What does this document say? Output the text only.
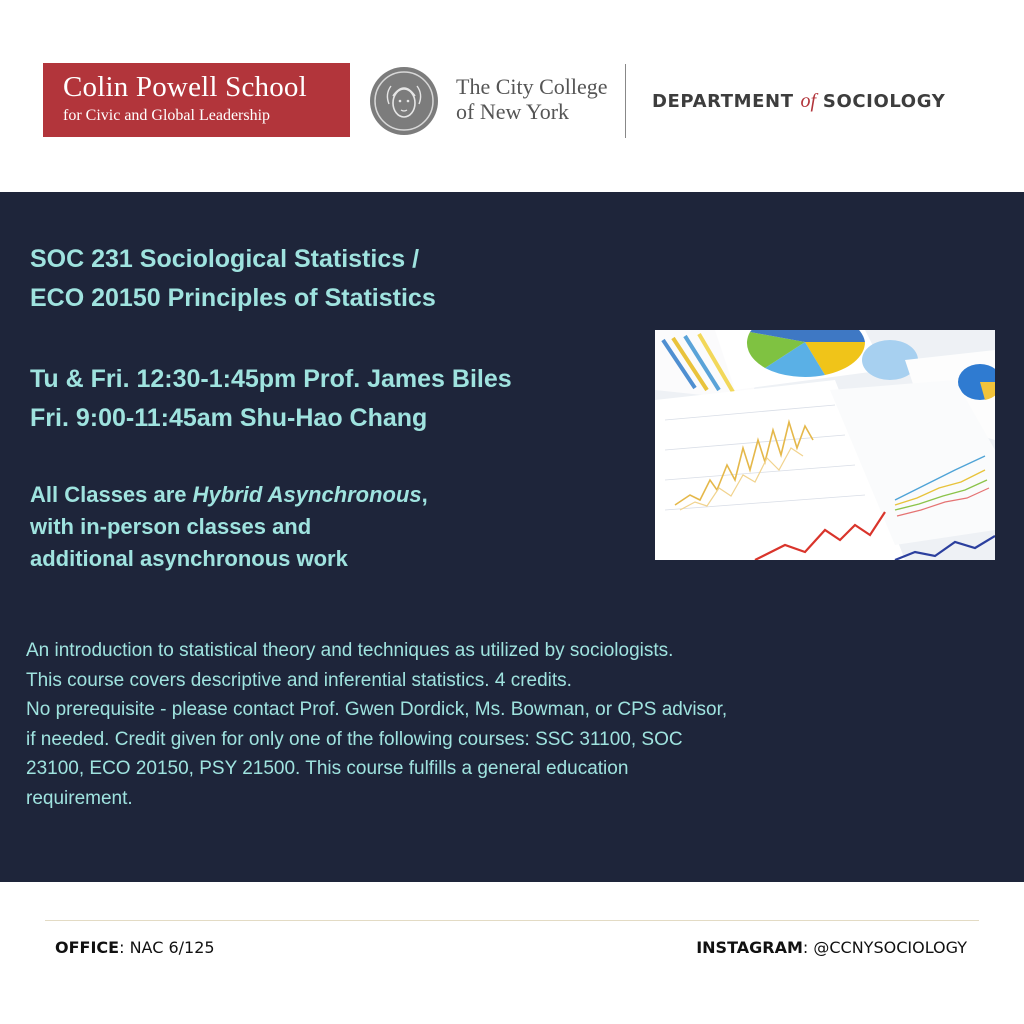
Colin Powell School
for Civic and Global Leadership
The City College
of New York	DEPARTMENT of SOCIOLOGY
SOC 231 Sociological Statistics /
ECO 20150 Principles of Statistics
Tu & Fri. 12:30-1:45pm Prof. James Biles
Fri. 9:00-11:45am Shu-Hao Chang
All Classes are Hybrid Asynchronous,
with in-person classes and
additional asynchronous work
An introduction to statistical theory and techniques as utilized by sociologists.
This course covers descriptive and inferential statistics. 4 credits.
No prerequisite - please contact Prof. Gwen Dordick, Ms. Bowman, or CPS advisor,
if needed. Credit given for only one of the following courses: SSC 31100, SOC
23100, ECO 20150, PSY 21500. This course fulfills a general education
requirement.
OFFICE: NAC 6/125	INSTAGRAM: @CCNYSOCIOLOGY
